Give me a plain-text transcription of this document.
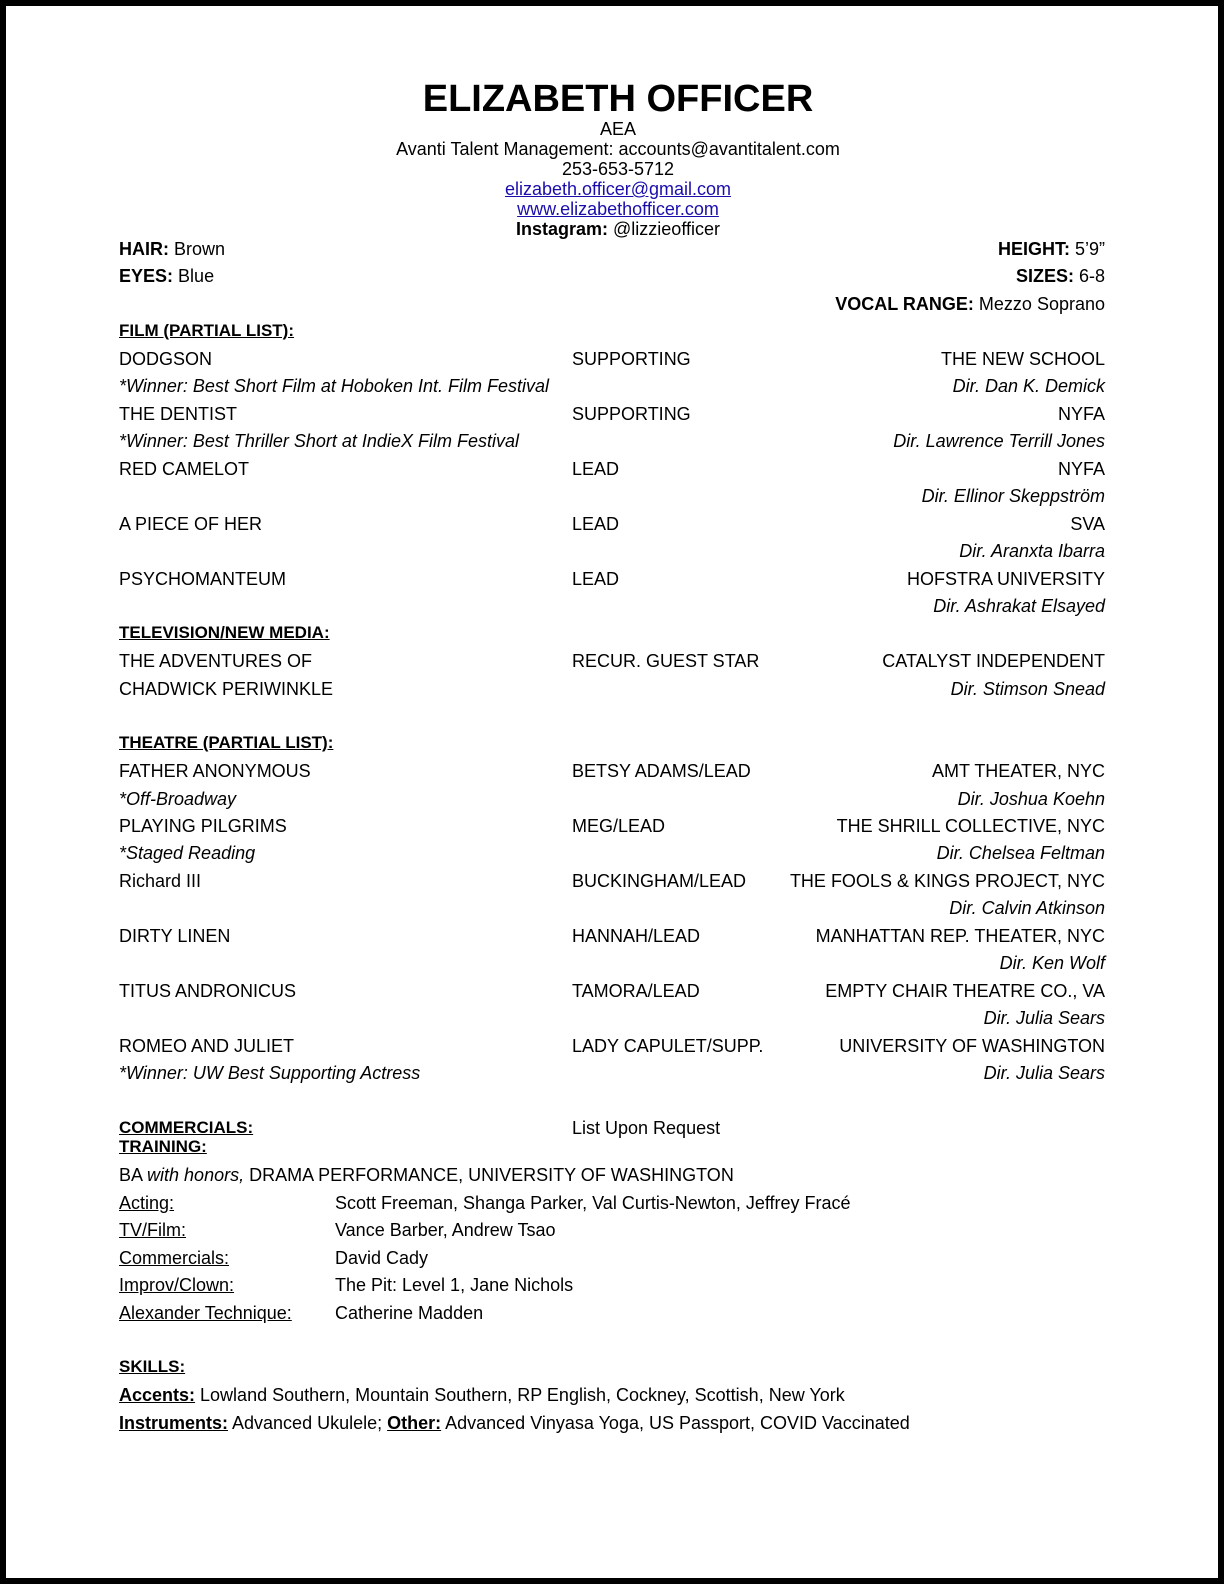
ELIZABETH OFFICER
AEA
Avanti Talent Management: accounts@avantitalent.com
253-653-5712
elizabeth.officer@gmail.com
www.elizabethofficer.com
Instagram: @lizzieofficer
HAIR: Brown
EYES: Blue
HEIGHT: 5’9”
SIZES: 6-8
VOCAL RANGE: Mezzo Soprano
FILM (PARTIAL LIST):
DODGSON	SUPPORTING	THE NEW SCHOOL
*Winner: Best Short Film at Hoboken Int. Film Festival	Dir. Dan K. Demick
THE DENTIST	SUPPORTING	NYFA
*Winner: Best Thriller Short at IndieX Film Festival	Dir. Lawrence Terrill Jones
RED CAMELOT	LEAD	NYFA
Dir. Ellinor Skeppström
A PIECE OF HER	LEAD	SVA
Dir. Aranxta Ibarra
PSYCHOMANTEUM	LEAD	HOFSTRA UNIVERSITY
Dir. Ashrakat Elsayed
TELEVISION/NEW MEDIA:
THE ADVENTURES OF	RECUR. GUEST STAR	CATALYST INDEPENDENT
CHADWICK PERIWINKLE	Dir. Stimson Snead
THEATRE (PARTIAL LIST):
FATHER ANONYMOUS	BETSY ADAMS/LEAD	AMT THEATER, NYC
*Off-Broadway	Dir. Joshua Koehn
PLAYING PILGRIMS	MEG/LEAD	THE SHRILL COLLECTIVE, NYC
*Staged Reading	Dir. Chelsea Feltman
Richard III	BUCKINGHAM/LEAD THE FOOLS & KINGS PROJECT, NYC
Dir. Calvin Atkinson
DIRTY LINEN	HANNAH/LEAD	MANHATTAN REP. THEATER, NYC
Dir. Ken Wolf
TITUS ANDRONICUS	TAMORA/LEAD	EMPTY CHAIR THEATRE CO., VA
Dir. Julia Sears
ROMEO AND JULIET	LADY CAPULET/SUPP.	UNIVERSITY OF WASHINGTON
*Winner: UW Best Supporting Actress	Dir. Julia Sears
COMMERCIALS:	List Upon Request
TRAINING:
BA with honors, DRAMA PERFORMANCE, UNIVERSITY OF WASHINGTON
Acting:	Scott Freeman, Shanga Parker, Val Curtis-Newton, Jeffrey Fracé
TV/Film:	Vance Barber, Andrew Tsao
Commercials:	David Cady
Improv/Clown:	The Pit: Level 1, Jane Nichols
Alexander Technique: Catherine Madden
SKILLS:
Accents: Lowland Southern, Mountain Southern, RP English, Cockney, Scottish, New York
Instruments: Advanced Ukulele; Other: Advanced Vinyasa Yoga, US Passport, COVID Vaccinated
